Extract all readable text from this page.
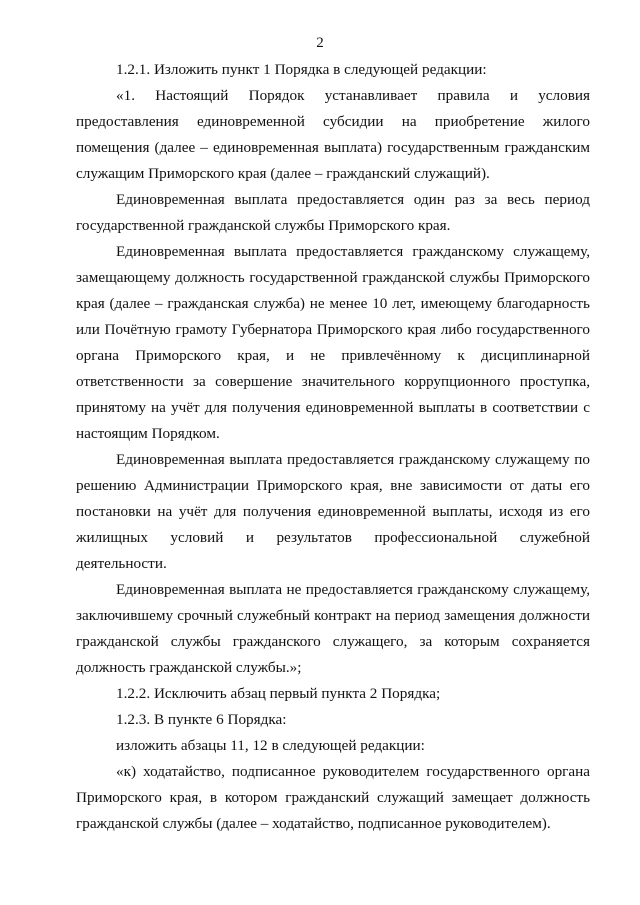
2

1.2.1. Изложить пункт 1 Порядка в следующей редакции:

«1. Настоящий Порядок устанавливает правила и условия предоставления единовременной субсидии на приобретение жилого помещения (далее – единовременная выплата) государственным гражданским служащим Приморского края (далее – гражданский служащий).

Единовременная выплата предоставляется один раз за весь период государственной гражданской службы Приморского края.

Единовременная выплата предоставляется гражданскому служащему, замещающему должность государственной гражданской службы Приморского края (далее – гражданская служба) не менее 10 лет, имеющему благодарность или Почётную грамоту Губернатора Приморского края либо государственного органа Приморского края, и не привлечённому к дисциплинарной ответственности за совершение значительного коррупционного проступка, принятому на учёт для получения единовременной выплаты в соответствии с настоящим Порядком.

Единовременная выплата предоставляется гражданскому служащему по решению Администрации Приморского края, вне зависимости от даты его постановки на учёт для получения единовременной выплаты, исходя из его жилищных условий и результатов профессиональной служебной деятельности.

Единовременная выплата не предоставляется гражданскому служащему, заключившему срочный служебный контракт на период замещения должности гражданской службы гражданского служащего, за которым сохраняется должность гражданской службы.»;

1.2.2. Исключить абзац первый пункта 2 Порядка;

1.2.3. В пункте 6 Порядка:

изложить абзацы 11, 12 в следующей редакции:

«к) ходатайство, подписанное руководителем государственного органа Приморского края, в котором гражданский служащий замещает должность гражданской службы (далее – ходатайство, подписанное руководителем).
